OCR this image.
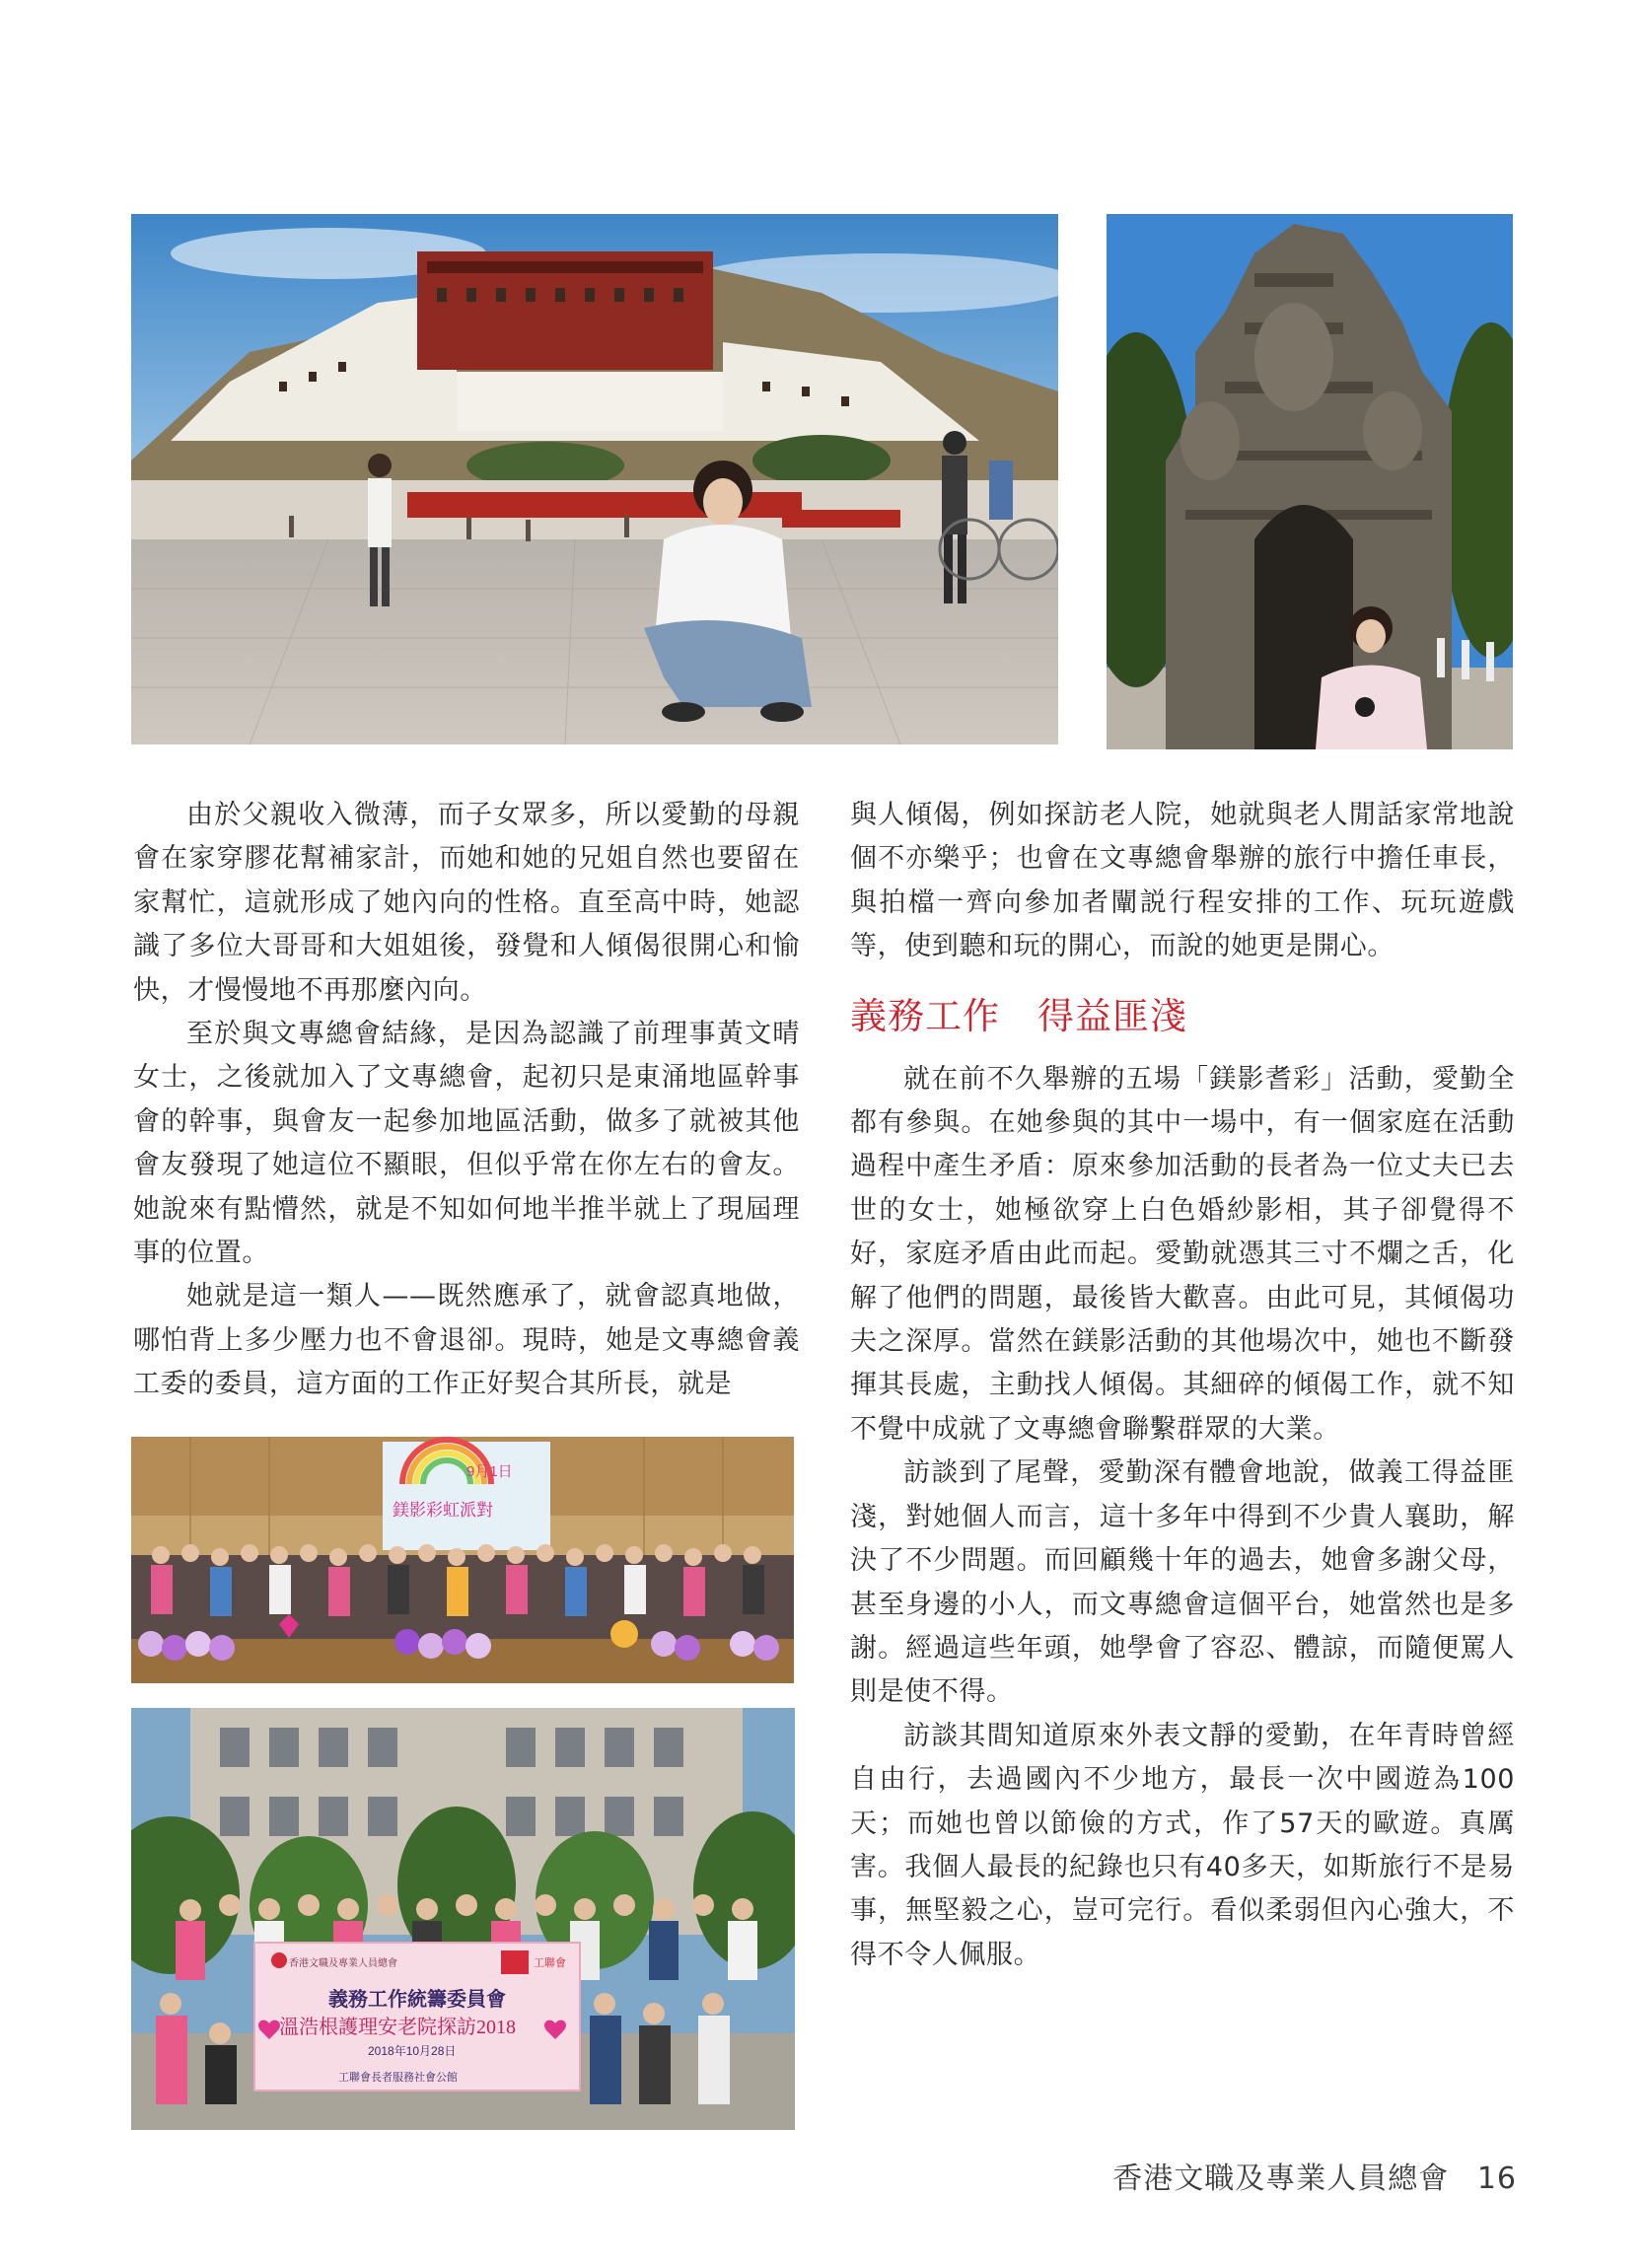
由於父親收入微薄，而子女眾多，所以愛勤的母親會在家穿膠花幫補家計，而她和她的兄姐自然也要留在家幫忙，這就形成了她內向的性格。直至高中時，她認識了多位大哥哥和大姐姐後，發覺和人傾偈很開心和愉快，才慢慢地不再那麼內向。

至於與文專總會結緣，是因為認識了前理事黃文晴女士，之後就加入了文專總會，起初只是東涌地區幹事會的幹事，與會友一起參加地區活動，做多了就被其他會友發現了她這位不顯眼，但似乎常在你左右的會友。她說來有點懵然，就是不知如何地半推半就上了現屆理事的位置。

她就是這一類人——既然應承了，就會認真地做，哪怕背上多少壓力也不會退卻。現時，她是文專總會義工委的委員，這方面的工作正好契合其所長，就是

9月1日
鎂影彩虹派對
香港文職及專業人員總會	工聯會
義務工作統籌委員會
溫浩根護理安老院探訪2018
2018年10月28日
工聯會長者服務社會公館

與人傾偈，例如探訪老人院，她就與老人閒話家常地說個不亦樂乎；也會在文專總會舉辦的旅行中擔任車長，與拍檔一齊向參加者闡説行程安排的工作、玩玩遊戲等，使到聽和玩的開心，而說的她更是開心。

義務工作　得益匪淺

就在前不久舉辦的五場「鎂影耆彩」活動，愛勤全都有參與。在她參與的其中一場中，有一個家庭在活動過程中產生矛盾：原來參加活動的長者為一位丈夫已去世的女士，她極欲穿上白色婚紗影相，其子卻覺得不好，家庭矛盾由此而起。愛勤就憑其三寸不爛之舌，化解了他們的問題，最後皆大歡喜。由此可見，其傾偈功夫之深厚。當然在鎂影活動的其他場次中，她也不斷發揮其長處，主動找人傾偈。其細碎的傾偈工作，就不知不覺中成就了文專總會聯繫群眾的大業。

訪談到了尾聲，愛勤深有體會地說，做義工得益匪淺，對她個人而言，這十多年中得到不少貴人襄助，解決了不少問題。而回顧幾十年的過去，她會多謝父母，甚至身邊的小人，而文專總會這個平台，她當然也是多謝。經過這些年頭，她學會了容忍、體諒，而隨便罵人則是使不得。

訪談其間知道原來外表文靜的愛勤，在年青時曾經自由行，去過國內不少地方，最長一次中國遊為100天；而她也曾以節儉的方式，作了57天的歐遊。真厲害。我個人最長的紀錄也只有40多天，如斯旅行不是易事，無堅毅之心，豈可完行。看似柔弱但內心強大，不得不令人佩服。

香港文職及專業人員總會 16
